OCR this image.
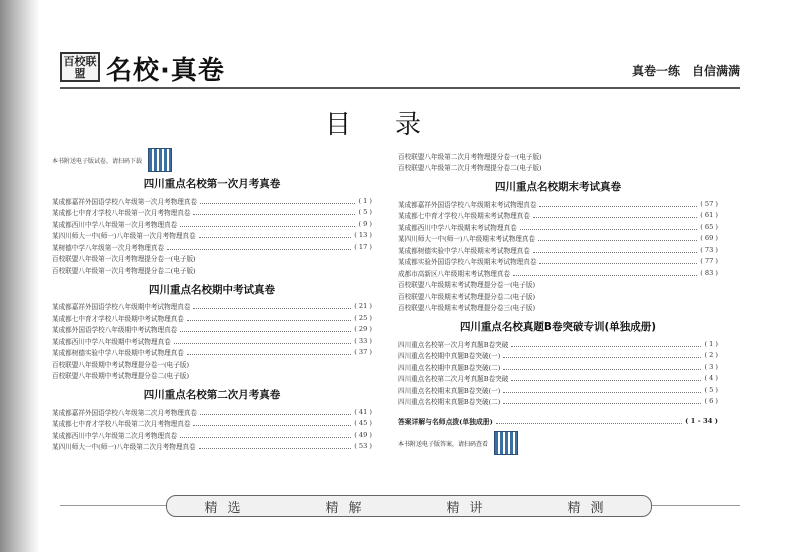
百校联盟 名校·真卷	真卷一练　自信满满
目录
本书附送电子版试卷，请扫码下载
四川重点名校第一次月考真卷
某成都嘉祥外国语学校八年级第一次月考物理真卷	( 1 )
某成都七中育才学校八年级第一次月考物理真卷	( 5 )
某成都西川中学八年级第一次月考物理真卷	( 9 )
某四川师大一中(师一)八年级第一次月考物理真卷	( 13 )
某树德中学八年级第一次月考物理真卷	( 17 )
百校联盟八年级第一次月考物理提分卷一(电子版)
百校联盟八年级第一次月考物理提分卷二(电子版)
四川重点名校期中考试真卷
某成都嘉祥外国语学校八年级期中考试物理真卷	( 21 )
某成都七中育才学校八年级期中考试物理真卷	( 25 )
某成都外国语学校八年级期中考试物理真卷	( 29 )
某成都西川中学八年级期中考试物理真卷	( 33 )
某成都树德实验中学八年级期中考试物理真卷	( 37 )
百校联盟八年级期中考试物理提分卷一(电子版)
百校联盟八年级期中考试物理提分卷二(电子版)
四川重点名校第二次月考真卷
某成都嘉祥外国语学校八年级第二次月考物理真卷	( 41 )
某成都七中育才学校八年级第二次月考物理真卷	( 45 )
某成都西川中学八年级第二次月考物理真卷	( 49 )
某四川师大一中(师一)八年级第二次月考物理真卷	( 53 )
百校联盟八年级第二次月考物理提分卷一(电子版)
百校联盟八年级第二次月考物理提分卷二(电子版)
四川重点名校期末考试真卷
某成都嘉祥外国语学校八年级期末考试物理真卷	( 57 )
某成都七中育才学校八年级期末考试物理真卷	( 61 )
某成都西川中学八年级期末考试物理真卷	( 65 )
某四川师大一中(师一)八年级期末考试物理真卷	( 69 )
某成都树德实验中学八年级期末考试物理真卷	( 73 )
某成都实验外国语学校八年级期末考试物理真卷	( 77 )
成都市高新区八年级期末考试物理真卷	( 83 )
百校联盟八年级期末考试物理提分卷一(电子版)
百校联盟八年级期末考试物理提分卷二(电子版)
百校联盟八年级期末考试物理提分卷三(电子版)
四川重点名校真题B卷突破专训(单独成册)
四川重点名校第一次月考真题B卷突破	( 1 )
四川重点名校期中真题B卷突破(一)	( 2 )
四川重点名校期中真题B卷突破(二)	( 3 )
四川重点名校第二次月考真题B卷突破	( 4 )
四川重点名校期末真题B卷突破(一)	( 5 )
四川重点名校期末真题B卷突破(二)	( 6 )
答案详解与名师点拨(单独成册)	( 1 - 34 )
本书附送电子版答案，请扫码查看
精选	精解	精讲	精测
